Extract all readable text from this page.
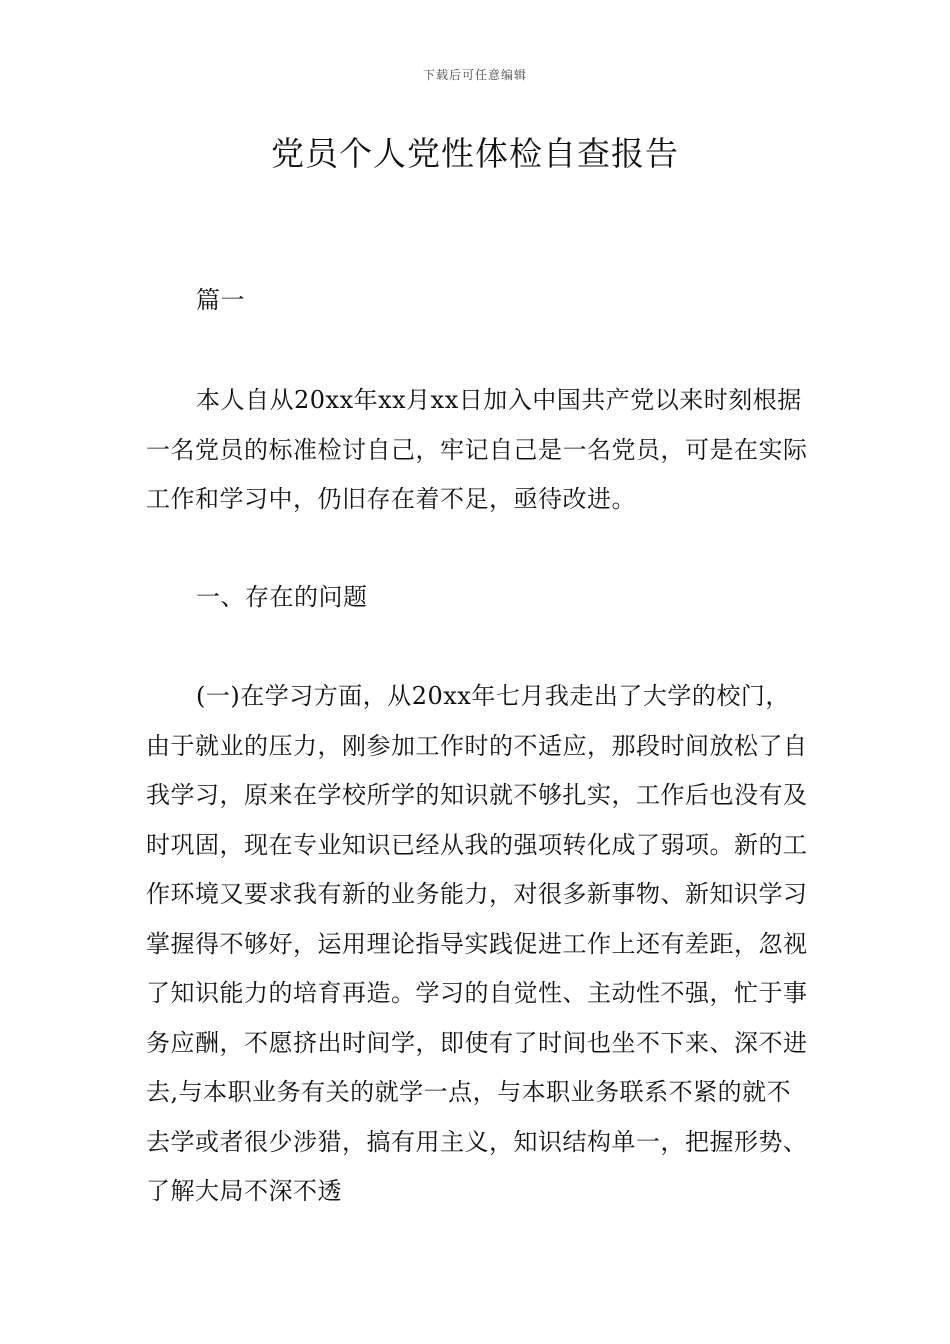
下载后可任意编辑
党员个人党性体检自查报告

篇一

本人自从20xx年xx月xx日加入中国共产党以来时刻根据一名党员的标准检讨自己，牢记自己是一名党员，可是在实际工作和学习中，仍旧存在着不足，亟待改进。

一、存在的问题

(一)在学习方面，从20xx年七月我走出了大学的校门，由于就业的压力，刚参加工作时的不适应，那段时间放松了自我学习，原来在学校所学的知识就不够扎实，工作后也没有及时巩固，现在专业知识已经从我的强项转化成了弱项。新的工作环境又要求我有新的业务能力，对很多新事物、新知识学习掌握得不够好，运用理论指导实践促进工作上还有差距，忽视了知识能力的培育再造。学习的自觉性、主动性不强，忙于事务应酬，不愿挤出时间学，即使有了时间也坐不下来、深不进去,与本职业务有关的就学一点，与本职业务联系不紧的就不去学或者很少涉猎，搞有用主义，知识结构单一，把握形势、了解大局不深不透
